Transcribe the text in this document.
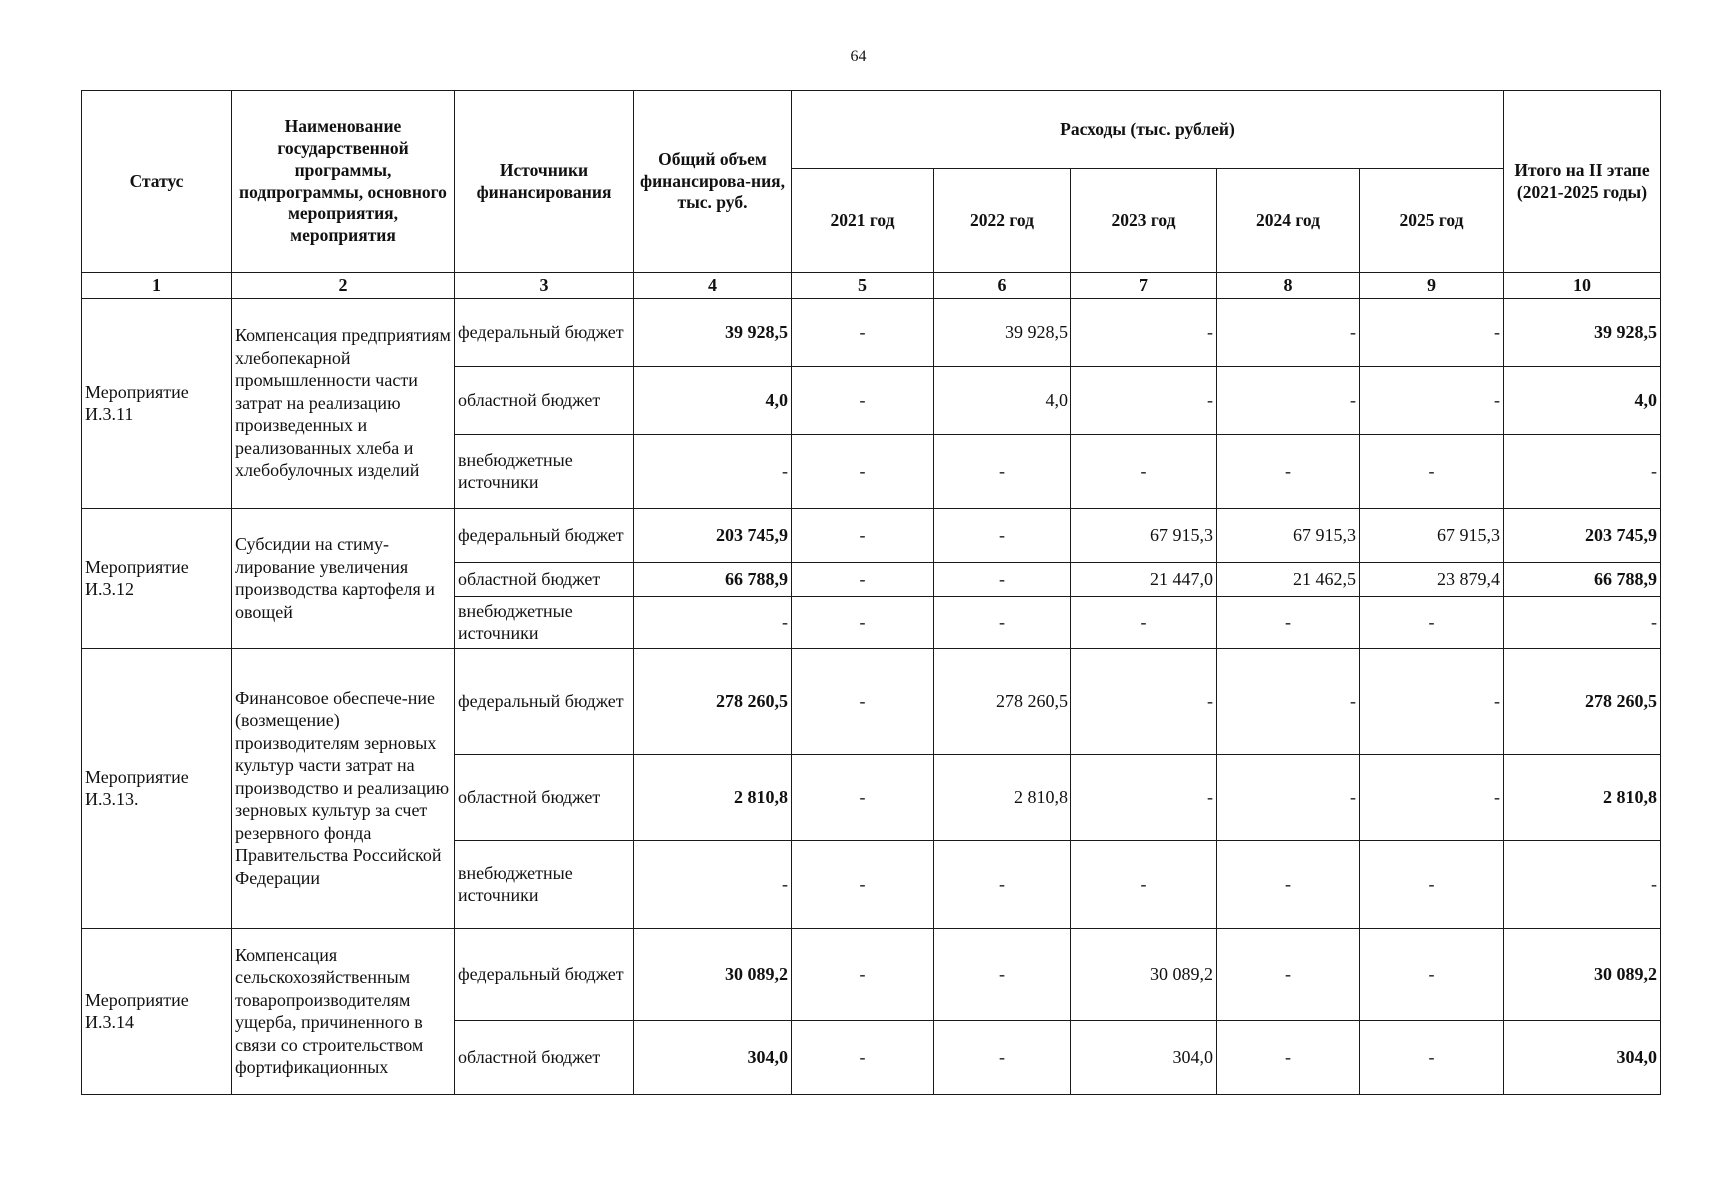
64
Статус	Наименование государственной программы, подпрограммы, основного мероприятия, мероприятия	Источники финансирования	Общий объем финансирова-ния, тыс. руб.	Расходы (тыс. рублей)					Итого на II этапе (2021-2025 годы)
				2021 год	2022 год	2023 год	2024 год	2025 год	
1	2	3	4	5	6	7	8	9	10
Мероприятие И.3.11	Компенсация предприятиям хлебопекарной промышленности части затрат на реализацию произведенных и реализованных хлеба и хлебобулочных изделий	федеральный бюджет	39 928,5	-	39 928,5	-	-	-	39 928,5
		областной бюджет	4,0	-	4,0	-	-	-	4,0
		внебюджетные источники	-	-	-	-	-	-	-
Мероприятие И.3.12	Субсидии на стиму-лирование увеличения производства картофеля и овощей	федеральный бюджет	203 745,9	-	-	67 915,3	67 915,3	67 915,3	203 745,9
		областной бюджет	66 788,9	-	-	21 447,0	21 462,5	23 879,4	66 788,9
		внебюджетные источники	-	-	-	-	-	-	-
Мероприятие И.3.13.	Финансовое обеспече-ние (возмещение) производителям зерновых культур части затрат на производство и реализацию зерновых культур за счет резервного фонда Правительства Российской Федерации	федеральный бюджет	278 260,5	-	278 260,5	-	-	-	278 260,5
		областной бюджет	2 810,8	-	2 810,8	-	-	-	2 810,8
		внебюджетные источники	-	-	-	-	-	-	-
Мероприятие И.3.14	Компенсация сельскохозяйственным товаропроизводителям ущерба, причиненного в связи со строительством фортификационных	федеральный бюджет	30 089,2	-	-	30 089,2	-	-	30 089,2
		областной бюджет	304,0	-	-	304,0	-	-	304,0
